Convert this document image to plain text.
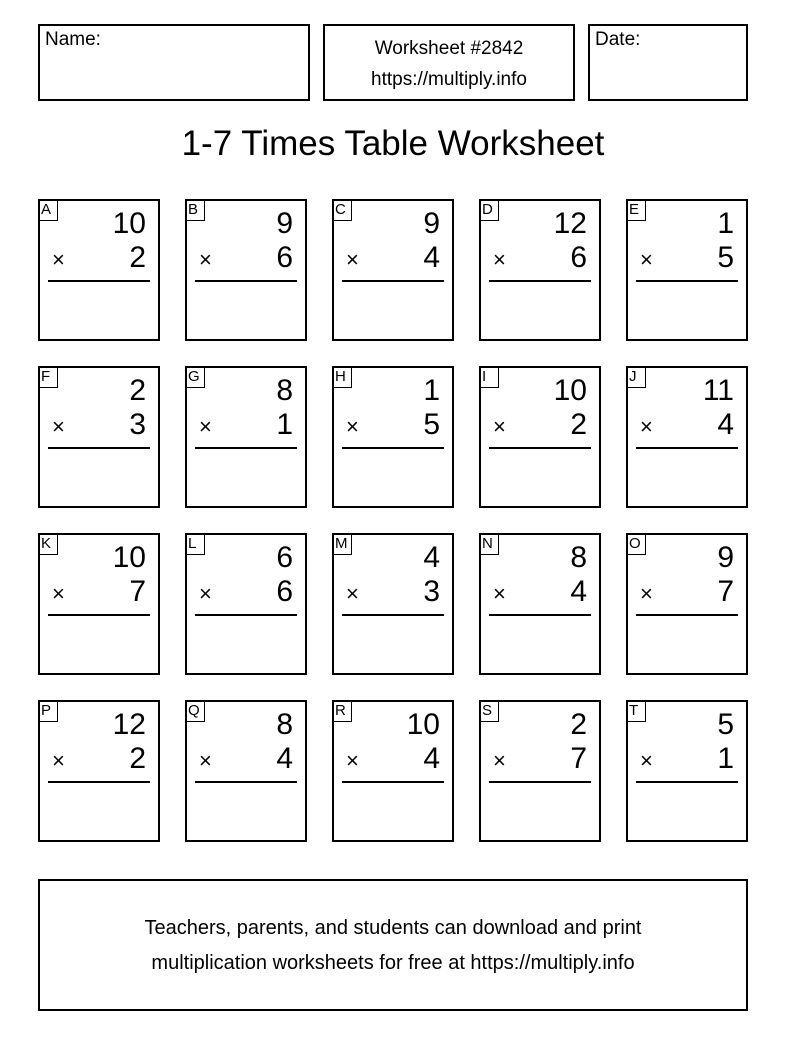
Name:	Worksheet #2842
https://multiply.info
Date:
1-7 Times Table Worksheet
A 10
× 2
B	9
× 6
C	9
× 4
D 12
× 6
E	1
× 5
F	2
× 3
G	8
× 1
H	1
× 5
I	10
× 2
J	11
× 4
K 10
× 7
L	6
× 6
M	4
× 3
N	8
× 4
O	9
× 7
P 12
× 2
Q	8
× 4
R 10
× 4
S	2
× 7
T	5
× 1
Teachers, parents, and students can download and print
multiplication worksheets for free at https://multiply.info
